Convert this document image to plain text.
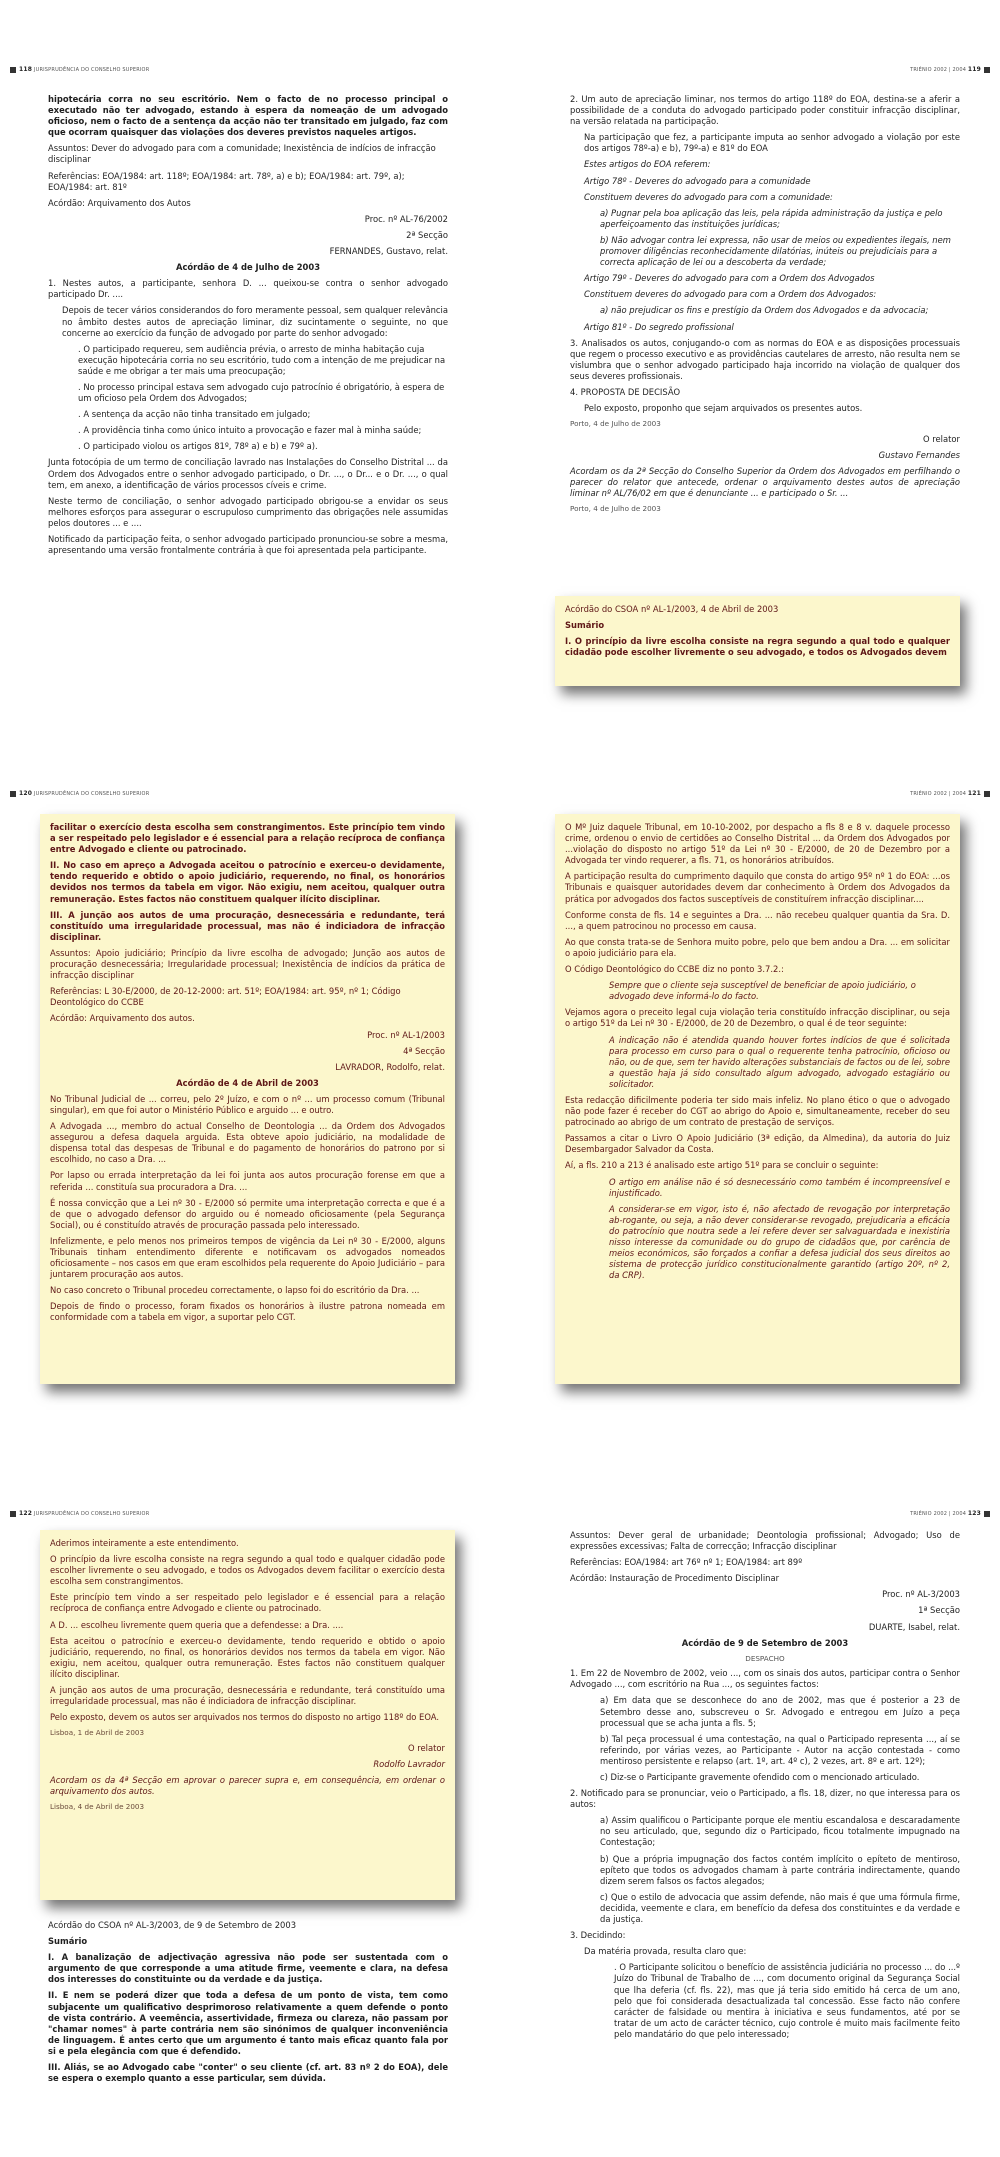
118 JURISPRUDÊNCIA DO CONSELHO SUPERIOR	TRIÉNIO 2002 | 2004 119

hipotecária corra no seu escritório. Nem o facto de no processo principal o executado não ter advogado, estando à espera da nomeação de um advogado oficioso, nem o facto de a sentença da acção não ter transitado em julgado, faz com que ocorram quaisquer das violações dos deveres previstos naqueles artigos.

Assuntos: Dever do advogado para com a comunidade; Inexistência de indícios de infracção disciplinar

Referências: EOA/1984: art. 118º; EOA/1984: art. 78º, a) e b); EOA/1984: art. 79º, a); EOA/1984: art. 81º

Acórdão: Arquivamento dos Autos

Proc. nº AL-76/2002

2ª Secção

FERNANDES, Gustavo, relat.

Acórdão de 4 de Julho de 2003

1. Nestes autos, a participante, senhora D. ... queixou-se contra o senhor advogado participado Dr. ....

Depois de tecer vários considerandos do foro meramente pessoal, sem qualquer relevância no âmbito destes autos de apreciação liminar, diz sucintamente o seguinte, no que concerne ao exercício da função de advogado por parte do senhor advogado:

. O participado requereu, sem audiência prévia, o arresto de minha habitação cuja execução hipotecária corria no seu escritório, tudo com a intenção de me prejudicar na saúde e me obrigar a ter mais uma preocupação;

. No processo principal estava sem advogado cujo patrocínio é obrigatório, à espera de um oficioso pela Ordem dos Advogados;

. A sentença da acção não tinha transitado em julgado;

. A providência tinha como único intuito a provocação e fazer mal à minha saúde;

. O participado violou os artigos 81º, 78º a) e b) e 79º a).

Junta fotocópia de um termo de conciliação lavrado nas Instalações do Conselho Distrital ... da Ordem dos Advogados entre o senhor advogado participado, o Dr. ..., o Dr... e o Dr. ..., o qual tem, em anexo, a identificação de vários processos cíveis e crime.

Neste termo de conciliação, o senhor advogado participado obrigou-se a envidar os seus melhores esforços para assegurar o escrupuloso cumprimento das obrigações nele assumidas pelos doutores ... e ....

Notificado da participação feita, o senhor advogado participado pronunciou-se sobre a mesma, apresentando uma versão frontalmente contrária à que foi apresentada pela participante.

2. Um auto de apreciação liminar, nos termos do artigo 118º do EOA, destina-se a aferir a possibilidade de a conduta do advogado participado poder constituir infracção disciplinar, na versão relatada na participação.

Na participação que fez, a participante imputa ao senhor advogado a violação por este dos artigos 78º-a) e b), 79º-a) e 81º do EOA

Estes artigos do EOA referem:

Artigo 78º - Deveres do advogado para a comunidade

Constituem deveres do advogado para com a comunidade:

a) Pugnar pela boa aplicação das leis, pela rápida administração da justiça e pelo aperfeiçoamento das instituições jurídicas;

b) Não advogar contra lei expressa, não usar de meios ou expedientes ilegais, nem promover diligências reconhecidamente dilatórias, inúteis ou prejudiciais para a correcta aplicação de lei ou a descoberta da verdade;

Artigo 79º - Deveres do advogado para com a Ordem dos Advogados

Constituem deveres do advogado para com a Ordem dos Advogados:

a) não prejudicar os fins e prestígio da Ordem dos Advogados e da advocacia;

Artigo 81º - Do segredo profissional

3. Analisados os autos, conjugando-o com as normas do EOA e as disposições processuais que regem o processo executivo e as providências cautelares de arresto, não resulta nem se vislumbra que o senhor advogado participado haja incorrido na violação de qualquer dos seus deveres profissionais.

4. PROPOSTA DE DECISÃO

Pelo exposto, proponho que sejam arquivados os presentes autos.

Porto, 4 de Julho de 2003

O relator

Gustavo Fernandes

Acordam os da 2ª Secção do Conselho Superior da Ordem dos Advogados em perfilhando o parecer do relator que antecede, ordenar o arquivamento destes autos de apreciação liminar nº AL/76/02 em que é denunciante ... e participado o Sr. ...

Porto, 4 de Julho de 2003

Acórdão do CSOA nº AL-1/2003, 4 de Abril de 2003

Sumário

I. O princípio da livre escolha consiste na regra segundo a qual todo e qualquer cidadão pode escolher livremente o seu advogado, e todos os Advogados devem

120 JURISPRUDÊNCIA DO CONSELHO SUPERIOR	TRIÉNIO 2002 | 2004 121

facilitar o exercício desta escolha sem constrangimentos. Este princípio tem vindo a ser respeitado pelo legislador e é essencial para a relação recíproca de confiança entre Advogado e cliente ou patrocinado.

II. No caso em apreço a Advogada aceitou o patrocínio e exerceu-o devidamente, tendo requerido e obtido o apoio judiciário, requerendo, no final, os honorários devidos nos termos da tabela em vigor. Não exigiu, nem aceitou, qualquer outra remuneração. Estes factos não constituem qualquer ilícito disciplinar.

III. A junção aos autos de uma procuração, desnecessária e redundante, terá constituído uma irregularidade processual, mas não é indiciadora de infracção disciplinar.

Assuntos: Apoio judiciário; Princípio da livre escolha de advogado; Junção aos autos de procuração desnecessária; Irregularidade processual; Inexistência de indícios da prática de infracção disciplinar

Referências: L 30-E/2000, de 20-12-2000: art. 51º; EOA/1984: art. 95º, nº 1; Código Deontológico do CCBE

Acórdão: Arquivamento dos autos.

Proc. nº AL-1/2003

4ª Secção

LAVRADOR, Rodolfo, relat.

Acórdão de 4 de Abril de 2003

No Tribunal Judicial de ... correu, pelo 2º Juízo, e com o nº ... um processo comum (Tribunal singular), em que foi autor o Ministério Público e arguido ... e outro.

A Advogada ..., membro do actual Conselho de Deontologia ... da Ordem dos Advogados assegurou a defesa daquela arguida. Esta obteve apoio judiciário, na modalidade de dispensa total das despesas de Tribunal e do pagamento de honorários do patrono por si escolhido, no caso a Dra. ...

Por lapso ou errada interpretação da lei foi junta aos autos procuração forense em que a referida ... constituía sua procuradora a Dra. ...

É nossa convicção que a Lei nº 30 - E/2000 só permite uma interpretação correcta e que é a de que o advogado defensor do arguido ou é nomeado oficiosamente (pela Segurança Social), ou é constituído através de procuração passada pelo interessado.

Infelizmente, e pelo menos nos primeiros tempos de vigência da Lei nº 30 - E/2000, alguns Tribunais tinham entendimento diferente e notificavam os advogados nomeados oficiosamente – nos casos em que eram escolhidos pela requerente do Apoio Judiciário – para juntarem procuração aos autos.

No caso concreto o Tribunal procedeu correctamente, o lapso foi do escritório da Dra. ...

Depois de findo o processo, foram fixados os honorários à ilustre patrona nomeada em conformidade com a tabela em vigor, a suportar pelo CGT.

O Mº Juiz daquele Tribunal, em 10-10-2002, por despacho a fls 8 e 8 v. daquele processo crime, ordenou o envio de certidões ao Conselho Distrital ... da Ordem dos Advogados por ...violação do disposto no artigo 51º da Lei nº 30 - E/2000, de 20 de Dezembro por a Advogada ter vindo requerer, a fls. 71, os honorários atribuídos.

A participação resulta do cumprimento daquilo que consta do artigo 95º nº 1 do EOA: ...os Tribunais e quaisquer autoridades devem dar conhecimento à Ordem dos Advogados da prática por advogados dos factos susceptíveis de constituírem infracção disciplinar....

Conforme consta de fls. 14 e seguintes a Dra. ... não recebeu qualquer quantia da Sra. D. ..., a quem patrocinou no processo em causa.

Ao que consta trata-se de Senhora muito pobre, pelo que bem andou a Dra. ... em solicitar o apoio judiciário para ela.

O Código Deontológico do CCBE diz no ponto 3.7.2.:

Sempre que o cliente seja susceptível de beneficiar de apoio judiciário, o advogado deve informá-lo do facto.

Vejamos agora o preceito legal cuja violação teria constituído infracção disciplinar, ou seja o artigo 51º da Lei nº 30 - E/2000, de 20 de Dezembro, o qual é de teor seguinte:

A indicação não é atendida quando houver fortes indícios de que é solicitada para processo em curso para o qual o requerente tenha patrocínio, oficioso ou não, ou de que, sem ter havido alterações substanciais de factos ou de lei, sobre a questão haja já sido consultado algum advogado, advogado estagiário ou solicitador.

Esta redacção dificilmente poderia ter sido mais infeliz. No plano ético o que o advogado não pode fazer é receber do CGT ao abrigo do Apoio e, simultaneamente, receber do seu patrocinado ao abrigo de um contrato de prestação de serviços.

Passamos a citar o Livro O Apoio Judiciário (3ª edição, da Almedina), da autoria do Juiz Desembargador Salvador da Costa.

Aí, a fls. 210 a 213 é analisado este artigo 51º para se concluir o seguinte:

O artigo em análise não é só desnecessário como também é incompreensível e injustificado.

A considerar-se em vigor, isto é, não afectado de revogação por interpretação ab-rogante, ou seja, a não dever considerar-se revogado, prejudicaria a eficácia do patrocínio que noutra sede a lei refere dever ser salvaguardada e inexistiria nisso interesse da comunidade ou do grupo de cidadãos que, por carência de meios económicos, são forçados a confiar a defesa judicial dos seus direitos ao sistema de protecção jurídico constitucionalmente garantido (artigo 20º, nº 2, da CRP).

122 JURISPRUDÊNCIA DO CONSELHO SUPERIOR	TRIÉNIO 2002 | 2004 123

Aderimos inteiramente a este entendimento.

O princípio da livre escolha consiste na regra segundo a qual todo e qualquer cidadão pode escolher livremente o seu advogado, e todos os Advogados devem facilitar o exercício desta escolha sem constrangimentos.

Este princípio tem vindo a ser respeitado pelo legislador e é essencial para a relação recíproca de confiança entre Advogado e cliente ou patrocinado.

A D. ... escolheu livremente quem queria que a defendesse: a Dra. ....

Esta aceitou o patrocínio e exerceu-o devidamente, tendo requerido e obtido o apoio judiciário, requerendo, no final, os honorários devidos nos termos da tabela em vigor. Não exigiu, nem aceitou, qualquer outra remuneração. Estes factos não constituem qualquer ilícito disciplinar.

A junção aos autos de uma procuração, desnecessária e redundante, terá constituído uma irregularidade processual, mas não é indiciadora de infracção disciplinar.

Pelo exposto, devem os autos ser arquivados nos termos do disposto no artigo 118º do EOA.

Lisboa, 1 de Abril de 2003

O relator

Rodolfo Lavrador

Acordam os da 4ª Secção em aprovar o parecer supra e, em consequência, em ordenar o arquivamento dos autos.

Lisboa, 4 de Abril de 2003

Acórdão do CSOA nº AL-3/2003, de 9 de Setembro de 2003

Sumário

I. A banalização de adjectivação agressiva não pode ser sustentada com o argumento de que corresponde a uma atitude firme, veemente e clara, na defesa dos interesses do constituinte ou da verdade e da justiça.

II. E nem se poderá dizer que toda a defesa de um ponto de vista, tem como subjacente um qualificativo desprimoroso relativamente a quem defende o ponto de vista contrário. A veemência, assertividade, firmeza ou clareza, não passam por "chamar nomes" à parte contrária nem são sinónimos de qualquer inconveniência de linguagem. É antes certo que um argumento é tanto mais eficaz quanto fala por si e pela elegância com que é defendido.

III. Aliás, se ao Advogado cabe "conter" o seu cliente (cf. art. 83 nº 2 do EOA), dele se espera o exemplo quanto a esse particular, sem dúvida.

Assuntos: Dever geral de urbanidade; Deontologia profissional; Advogado; Uso de expressões excessivas; Falta de correcção; Infracção disciplinar

Referências: EOA/1984: art 76º nº 1; EOA/1984: art 89º

Acórdão: Instauração de Procedimento Disciplinar

Proc. nº AL-3/2003

1ª Secção

DUARTE, Isabel, relat.

Acórdão de 9 de Setembro de 2003

DESPACHO

1. Em 22 de Novembro de 2002, veio ..., com os sinais dos autos, participar contra o Senhor Advogado ..., com escritório na Rua ..., os seguintes factos:

a) Em data que se desconhece do ano de 2002, mas que é posterior a 23 de Setembro desse ano, subscreveu o Sr. Advogado e entregou em Juízo a peça processual que se acha junta a fls. 5;

b) Tal peça processual é uma contestação, na qual o Participado representa ..., aí se referindo, por várias vezes, ao Participante - Autor na acção contestada - como mentiroso persistente e relapso (art. 1º, art. 4º c), 2 vezes, art. 8º e art. 12º);

c) Diz-se o Participante gravemente ofendido com o mencionado articulado.

2. Notificado para se pronunciar, veio o Participado, a fls. 18, dizer, no que interessa para os autos:

a) Assim qualificou o Participante porque ele mentiu escandalosa e descaradamente no seu articulado, que, segundo diz o Participado, ficou totalmente impugnado na Contestação;

b) Que a própria impugnação dos factos contém implícito o epíteto de mentiroso, epíteto que todos os advogados chamam à parte contrária indirectamente, quando dizem serem falsos os factos alegados;

c) Que o estilo de advocacia que assim defende, não mais é que uma fórmula firme, decidida, veemente e clara, em benefício da defesa dos constituintes e da verdade e da justiça.

3. Decidindo:

Da matéria provada, resulta claro que:

. O Participante solicitou o benefício de assistência judiciária no processo ... do ...º Juízo do Tribunal de Trabalho de ..., com documento original da Segurança Social que lha deferia (cf. fls. 22), mas que já teria sido emitido há cerca de um ano, pelo que foi considerada desactualizada tal concessão. Esse facto não confere carácter de falsidade ou mentira à iniciativa e seus fundamentos, até por se tratar de um acto de carácter técnico, cujo controle é muito mais facilmente feito pelo mandatário do que pelo interessado;
